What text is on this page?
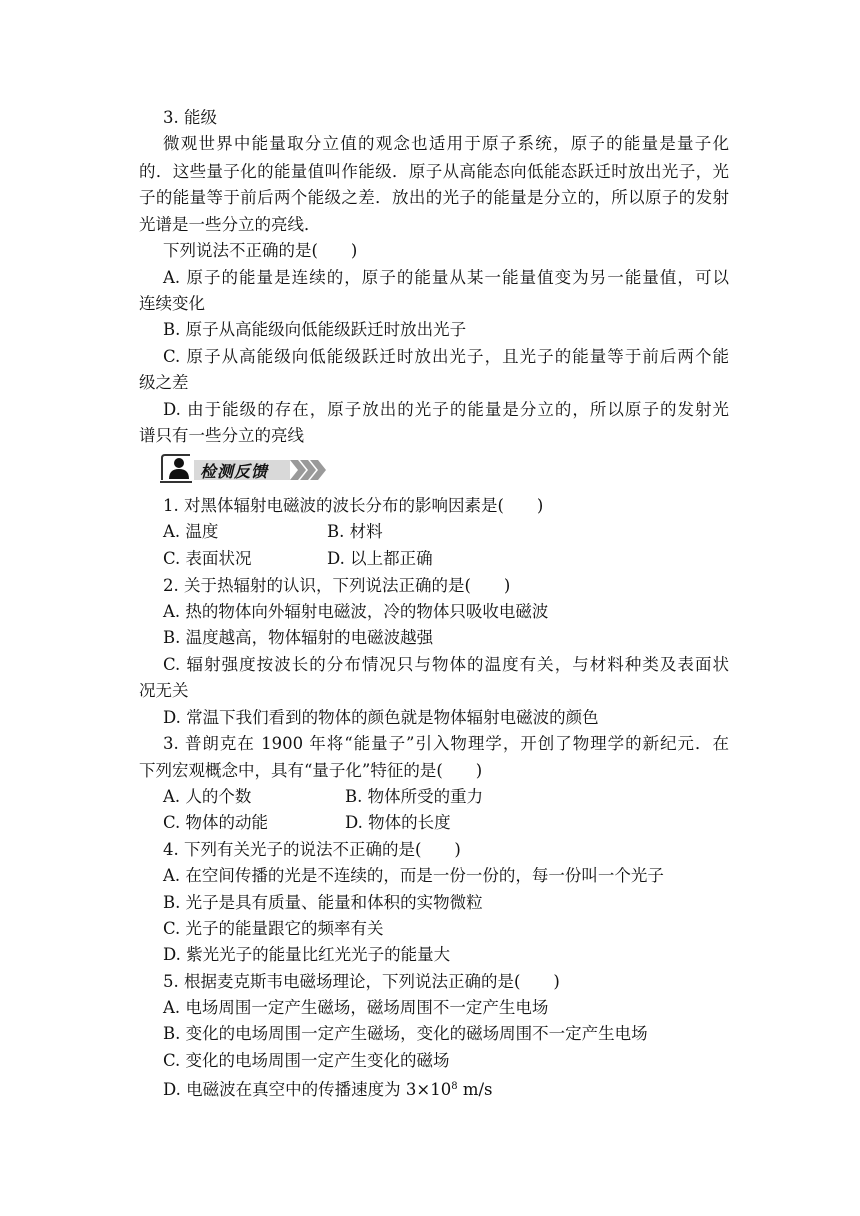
3. 能级
微观世界中能量取分立值的观念也适用于原子系统，原子的能量是量子化
的．这些量子化的能量值叫作能级．原子从高能态向低能态跃迁时放出光子，光
子的能量等于前后两个能级之差．放出的光子的能量是分立的，所以原子的发射
光谱是一些分立的亮线．
下列说法不正确的是(　　)
A. 原子的能量是连续的，原子的能量从某一能量值变为另一能量值，可以
连续变化
B. 原子从高能级向低能级跃迁时放出光子
C. 原子从高能级向低能级跃迁时放出光子，且光子的能量等于前后两个能
级之差
D. 由于能级的存在，原子放出的光子的能量是分立的，所以原子的发射光
谱只有一些分立的亮线
检测反馈
1. 对黑体辐射电磁波的波长分布的影响因素是(　　)
A. 温度	B. 材料
C. 表面状况	D. 以上都正确
2. 关于热辐射的认识，下列说法正确的是(　　)
A. 热的物体向外辐射电磁波，冷的物体只吸收电磁波
B. 温度越高，物体辐射的电磁波越强
C. 辐射强度按波长的分布情况只与物体的温度有关，与材料种类及表面状
况无关
D. 常温下我们看到的物体的颜色就是物体辐射电磁波的颜色
3. 普朗克在 1900 年将“能量子”引入物理学，开创了物理学的新纪元．在
下列宏观概念中，具有“量子化”特征的是(　　)
A. 人的个数	B. 物体所受的重力
C. 物体的动能	D. 物体的长度
4. 下列有关光子的说法不正确的是(　　)
A. 在空间传播的光是不连续的，而是一份一份的，每一份叫一个光子
B. 光子是具有质量、能量和体积的实物微粒
C. 光子的能量跟它的频率有关
D. 紫光光子的能量比红光光子的能量大
5. 根据麦克斯韦电磁场理论，下列说法正确的是(　　)
A. 电场周围一定产生磁场，磁场周围不一定产生电场
B. 变化的电场周围一定产生磁场，变化的磁场周围不一定产生电场
C. 变化的电场周围一定产生变化的磁场
D. 电磁波在真空中的传播速度为 $3\times 10^8$ m/s
